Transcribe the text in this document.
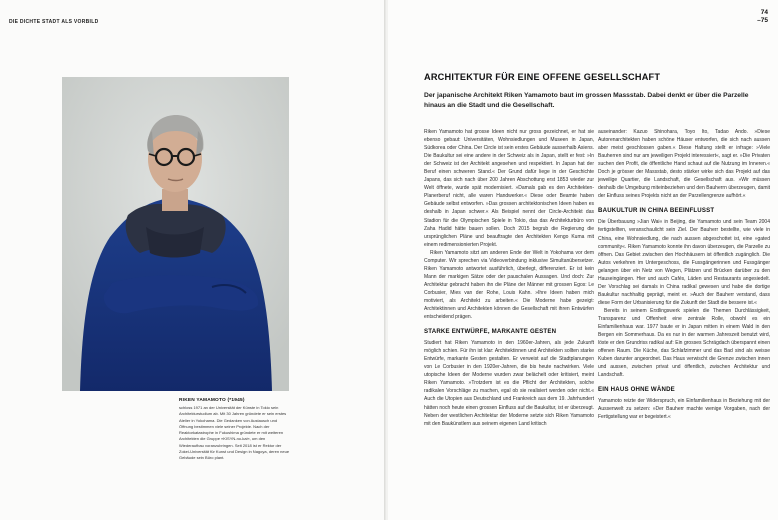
DIE DICHTE STADT ALS VORBILD
RIKEN YAMAMOTO (*1945)
schloss 1971 an der Universität der Künste in Tokio sein Architekturstudium ab. Mit 30 Jahren gründete er sein erstes Atelier in Yokohama. Die Gedanken von Austausch und Öffnung bestimmen viele seiner Projekte. Nach der Reaktorkatastrophe in Fukushima gründete er mit weiteren Architekten die Gruppe »KISYN-no-kai«, um den Wiederaufbau voranzubringen. Seit 2018 ist er Rektor der Zokei-Universität für Kunst und Design in Nagoya, deren neue Gebäude sein Büro plant.
74
–75
ARCHITEKTUR FÜR EINE OFFENE GESELLSCHAFT
Der japanische Architekt Riken Yamamoto baut im grossen Massstab. Dabei denkt er über die Parzelle hinaus an die Stadt und die Gesellschaft.

Riken Yamamoto hat grosse Ideen nicht nur gross gezeichnet, er hat sie ebenso gebaut: Universitäten, Wohnsiedlungen und Museen in Japan, Südkorea oder China. Der Circle ist sein erstes Gebäude ausserhalb Asiens. Die Baukultur sei eine andere in der Schweiz als in Japan, stellt er fest: »In der Schweiz ist der Architekt angesehen und respektiert. In Japan hat der Beruf einen schweren Stand.« Der Grund dafür liege in der Geschichte Japans, das sich nach über 200 Jahren Abschottung erst 1853 wieder zur Welt öffnete, wurde spät modernisiert. »Damals gab es den Architekten-Planerberuf nicht, alle waren Handwerker.« Diese oder Beamte haben Gebäude selbst entworfen. »Das grossen architektonischen Ideen haben es deshalb in Japan schwer.« Als Beispiel nennt der Circle-Architekt das Stadion für die Olympischen Spiele in Tokio, das das Architekturbüro von Zaha Hadid hätte bauen sollen. Doch 2015 begrub die Regierung die ursprünglichen Pläne und beauftragte den Architekten Kengo Kuma mit einem redimensionierten Projekt.

Riken Yamamoto sitzt am anderen Ende der Welt in Yokohama vor dem Computer. Wir sprechen via Videoverbindung inklusive Simultanübersetzer. Riken Yamamoto antwortet ausführlich, überlegt, differenziert. Er ist kein Mann der markigen Sätze oder der pauschalen Aussagen. Und doch: Zur Architektur gebracht haben ihn die Pläne der Männer mit grossen Egos: Le Corbusier, Mies van der Rohe, Louis Kahn. »Ihre Ideen haben mich motiviert, als Architekt zu arbeiten.« Die Moderne habe gezeigt: Architektinnen und Architekten können die Gesellschaft mit ihren Entwürfen entscheidend prägen.

STARKE ENTWÜRFE, MARKANTE GESTEN

Studiert hat Riken Yamamoto in den 1960er-Jahren, als jede Zukunft möglich schien. Für ihn ist klar: Architektinnen und Architekten sollten starke Entwürfe, markante Gesten gestalten. Er verweist auf die Stadtplanungen von Le Corbusier in den 1920er-Jahren, die bis heute nachwirken. Viele utopische Ideen der Moderne wurden zwar belächelt oder kritisiert, meint Riken Yamamoto. »Trotzdem ist es die Pflicht der Architekten, solche radikalen Vorschläge zu machen, egal ob sie realisiert werden oder nicht.« Auch die Utopien aus Deutschland und Frankreich aus dem 19. Jahrhundert hätten noch heute einen grossen Einfluss auf die Baukultur, ist er überzeugt. Neben der westlichen Architektur der Moderne setzte sich Riken Yamamoto mit den Baukünstlern aus seinem eigenen Land kritisch

auseinander: Kazuo Shinohara, Toyo Ito, Tadao Ando. »Diese Autorenarchitekten haben schöne Häuser entworfen, die sich nach aussen aber meist geschlossen gaben.« Diese Haltung stellt er infrage: »Viele Bauherren sind nur am jeweiligen Projekt interessiert«, sagt er. »Die Privaten suchen den Profit, die öffentliche Hand schaut auf die Nutzung im Inneren.« Doch je grösser der Massstab, desto stärker wirke sich das Projekt auf das jeweilige Quartier, die Landschaft, die Gesellschaft aus. »Wir müssen deshalb die Umgebung miteinbeziehen und den Bauherrn überzeugen, damit der Einfluss seines Projekts nicht an der Parzellengrenze aufhört.«

BAUKULTUR IN CHINA BEEINFLUSST

Die Überbauung »Jian Wai« in Beijing, die Yamamoto und sein Team 2004 fertigstellten, veranschaulicht sein Ziel. Der Bauherr bestellte, wie viele in China, eine Wohnsiedlung, die nach aussen abgeschottet ist, eine »gated community«. Riken Yamamoto konnte ihn davon überzeugen, die Parzelle zu öffnen. Das Gebiet zwischen den Hochhäusern ist öffentlich zugänglich. Die Autos verkehren im Untergeschoss, die Fussgängerinnen und Fussgänger gelangen über ein Netz von Wegen, Plätzen und Brücken darüber zu den Hauseingängen. Hier und auch Cafés, Läden und Restaurants angesiedelt. Der Vorschlag sei damals in China radikal gewesen und habe die dortige Baukultur nachhaltig geprägt, meint er. »Auch der Bauherr verstand, dass diese Form der Urbanisierung für die Zukunft der Stadt die bessere ist.«

Bereits in seinem Erstlingswerk spielen die Themen Durchlässigkeit, Transparenz und Offenheit eine zentrale Rolle, obwohl es ein Einfamilienhaus war. 1977 baute er in Japan mitten in einem Wald in den Bergen ein Sommerhaus. Da es nur in der warmen Jahreszeit benutzt wird, löste er den Grundriss radikal auf: Ein grosses Schrägdach überspannt einen offenen Raum. Die Küche, das Schlafzimmer und das Bad sind als weisse Kuben darunter angeordnet. Das Haus verwischt die Grenze zwischen innen und aussen, zwischen privat und öffentlich, zwischen Architektur und Landschaft.

EIN HAUS OHNE WÄNDE

Yamamoto reizte der Widerspruch, ein Einfamilienhaus in Beziehung mit der Aussenwelt zu setzen: »Der Bauherr machte wenige Vorgaben, nach der Fertigstellung war er begeistert.«
